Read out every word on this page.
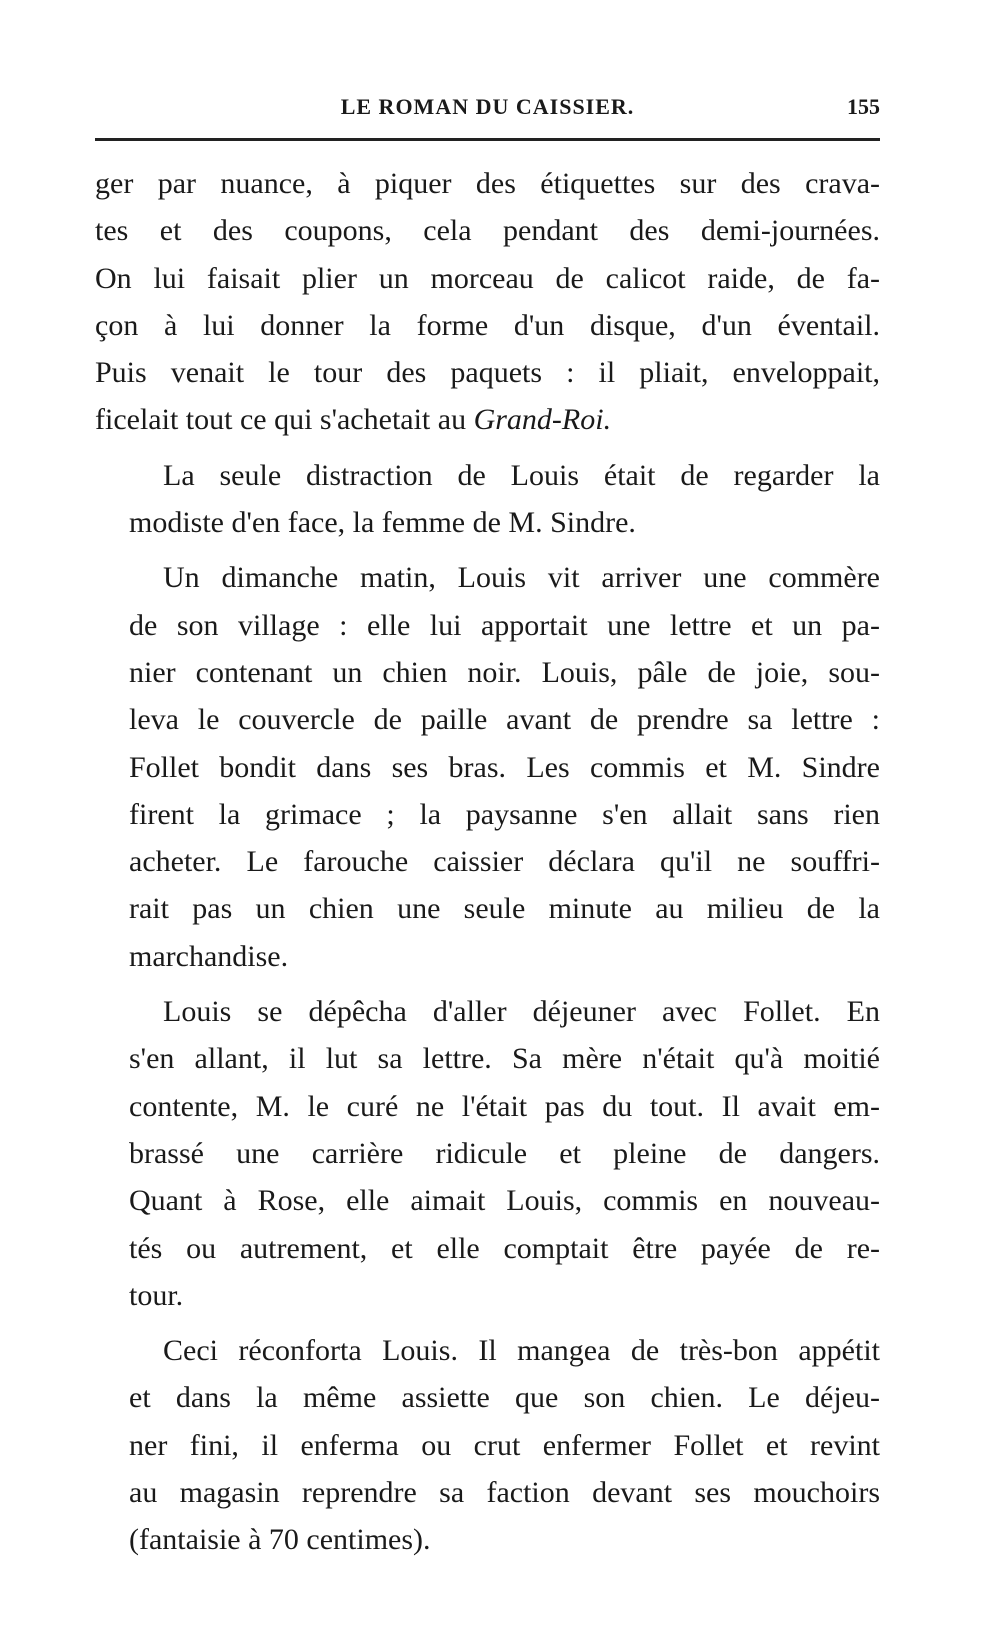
LE ROMAN DU CAISSIER.	155

ger par nuance, à piquer des étiquettes sur des crava-
tes et des coupons, cela pendant des demi-journées.
On lui faisait plier un morceau de calicot raide, de fa-
çon à lui donner la forme d'un disque, d'un éventail.
Puis venait le tour des paquets : il pliait, enveloppait,
ficelait tout ce qui s'achetait au Grand-Roi.

La seule distraction de Louis était de regarder la
modiste d'en face, la femme de M. Sindre.

Un dimanche matin, Louis vit arriver une commère
de son village : elle lui apportait une lettre et un pa-
nier contenant un chien noir. Louis, pâle de joie, sou-
leva le couvercle de paille avant de prendre sa lettre :
Follet bondit dans ses bras. Les commis et M. Sindre
firent la grimace ; la paysanne s'en allait sans rien
acheter. Le farouche caissier déclara qu'il ne souffri-
rait pas un chien une seule minute au milieu de la
marchandise.

Louis se dépêcha d'aller déjeuner avec Follet. En
s'en allant, il lut sa lettre. Sa mère n'était qu'à moitié
contente, M. le curé ne l'était pas du tout. Il avait em-
brassé une carrière ridicule et pleine de dangers.
Quant à Rose, elle aimait Louis, commis en nouveau-
tés ou autrement, et elle comptait être payée de re-
tour.

Ceci réconforta Louis. Il mangea de très-bon appétit
et dans la même assiette que son chien. Le déjeu-
ner fini, il enferma ou crut enfermer Follet et revint
au magasin reprendre sa faction devant ses mouchoirs
(fantaisie à 70 centimes).
